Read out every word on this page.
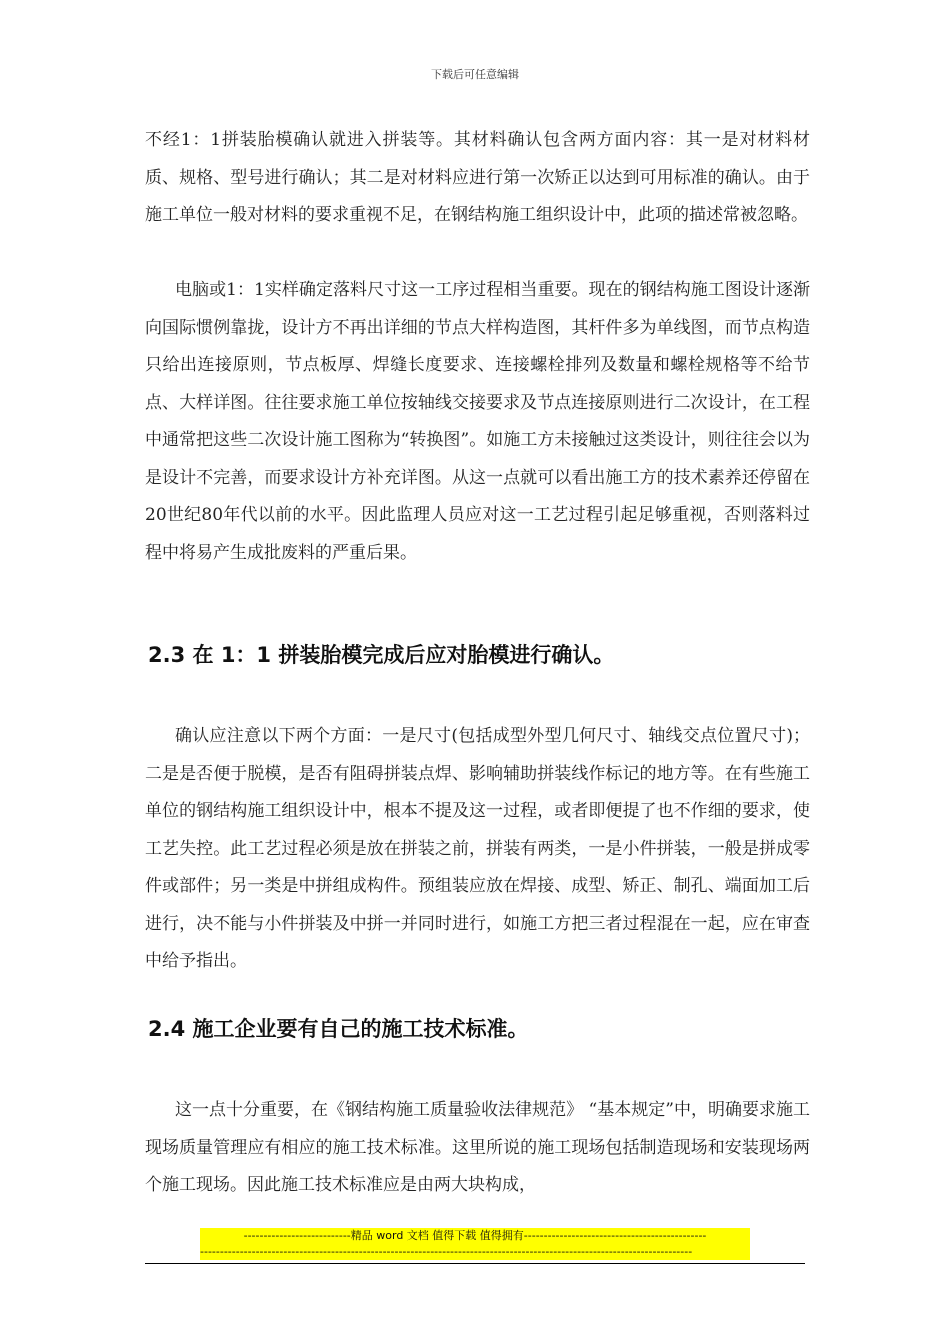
下载后可任意编辑

不经1：1拼装胎模确认就进入拼装等。其材料确认包含两方面内容：其一是对材料材质、规格、型号进行确认；其二是对材料应进行第一次矫正以达到可用标准的确认。由于施工单位一般对材料的要求重视不足，在钢结构施工组织设计中，此项的描述常被忽略。

电脑或1：1实样确定落料尺寸这一工序过程相当重要。现在的钢结构施工图设计逐渐向国际惯例靠拢，设计方不再出详细的节点大样构造图，其杆件多为单线图，而节点构造只给出连接原则，节点板厚、焊缝长度要求、连接螺栓排列及数量和螺栓规格等不给节点、大样详图。往往要求施工单位按轴线交接要求及节点连接原则进行二次设计，在工程中通常把这些二次设计施工图称为“转换图”。如施工方未接触过这类设计，则往往会以为是设计不完善，而要求设计方补充详图。从这一点就可以看出施工方的技术素养还停留在20世纪80年代以前的水平。因此监理人员应对这一工艺过程引起足够重视，否则落料过程中将易产生成批废料的严重后果。

2.3 在 1：1 拼装胎模完成后应对胎模进行确认。

确认应注意以下两个方面：一是尺寸(包括成型外型几何尺寸、轴线交点位置尺寸)；二是是否便于脱模，是否有阻碍拼装点焊、影响辅助拼装线作标记的地方等。在有些施工单位的钢结构施工组织设计中，根本不提及这一过程，或者即便提了也不作细的要求，使工艺失控。此工艺过程必须是放在拼装之前，拼装有两类，一是小件拼装，一般是拼成零件或部件；另一类是中拼组成构件。预组装应放在焊接、成型、矫正、制孔、端面加工后进行，决不能与小件拼装及中拼一并同时进行，如施工方把三者过程混在一起，应在审查中给予指出。

2.4 施工企业要有自己的施工技术标准。

这一点十分重要，在《钢结构施工质量验收法律规范》 “基本规定”中，明确要求施工现场质量管理应有相应的施工技术标准。这里所说的施工现场包括制造现场和安装现场两个施工现场。因此施工技术标准应是由两大块构成，

---------------------------精品 word 文档 值得下载 值得拥有----------------------------------------------
----------------------------------------------------------------------------------------------------------------------------
